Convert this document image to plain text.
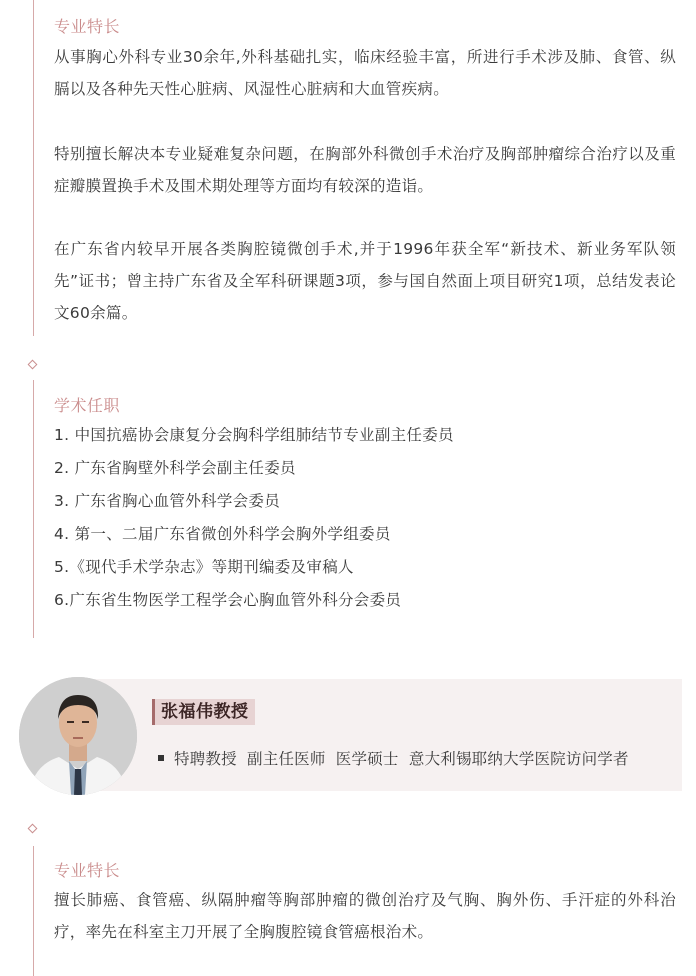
专业特长
从事胸心外科专业30余年,外科基础扎实，临床经验丰富，所进行手术涉及肺、食管、纵膈以及各种先天性心脏病、风湿性心脏病和大血管疾病。
特别擅长解决本专业疑难复杂问题，在胸部外科微创手术治疗及胸部肿瘤综合治疗以及重症瓣膜置换手术及围术期处理等方面均有较深的造诣。
在广东省内较早开展各类胸腔镜微创手术,并于1996年获全军“新技术、新业务军队领先”证书；曾主持广东省及全军科研课题3项，参与国自然面上项目研究1项，总结发表论文60余篇。
学术任职
1. 中国抗癌协会康复分会胸科学组肺结节专业副主任委员
2. 广东省胸壁外科学会副主任委员
3. 广东省胸心血管外科学会委员
4. 第一、二届广东省微创外科学会胸外学组委员
5.《现代手术学杂志》等期刊编委及审稿人
6.广东省生物医学工程学会心胸血管外科分会委员
张福伟教授
特聘教授  副主任医师  医学硕士  意大利锡耶纳大学医院访问学者
专业特长
擅长肺癌、食管癌、纵隔肿瘤等胸部肿瘤的微创治疗及气胸、胸外伤、手汗症的外科治疗，率先在科室主刀开展了全胸腹腔镜食管癌根治术。
